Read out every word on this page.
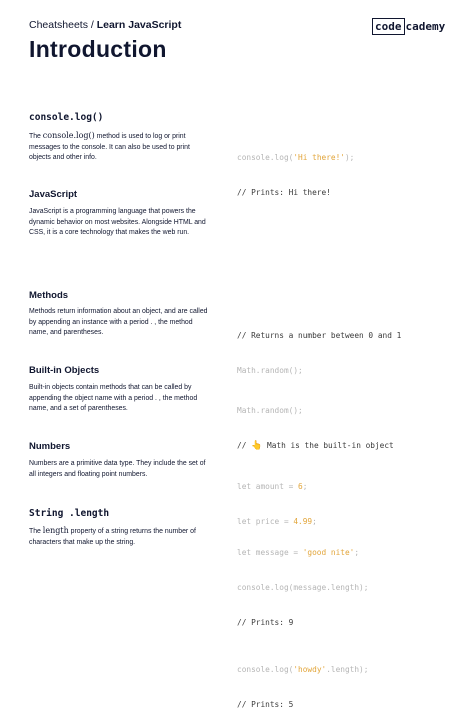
Cheatsheets / Learn JavaScript	code cademy
Introduction
console.log()
The console.log() method is used to log or print messages to the console. It can also be used to print objects and other info.

	console.log('Hi there!');

// Prints: Hi there!

JavaScript
JavaScript is a programming language that powers the dynamic behavior on most websites. Alongside HTML and CSS, it is a core technology that makes the web run.
Methods
Methods return information about an object, and are called by appending an instance with a period . , the method name, and parentheses.

	// Returns a number between 0 and 1

Math.random();

Built-in Objects
Built-in objects contain methods that can be called by appending the object name with a period . , the method name, and a set of parentheses.

	Math.random();

// 👆 Math is the built-in object

Numbers
Numbers are a primitive data type. They include the set of all integers and floating point numbers.

let amount = 6;

let price = 4.99;

String .length
The length property of a string returns the number of characters that make up the string.

let message = 'good nite';

console.log(message.length);

// Prints: 9

console.log('howdy'.length);

// Prints: 5
